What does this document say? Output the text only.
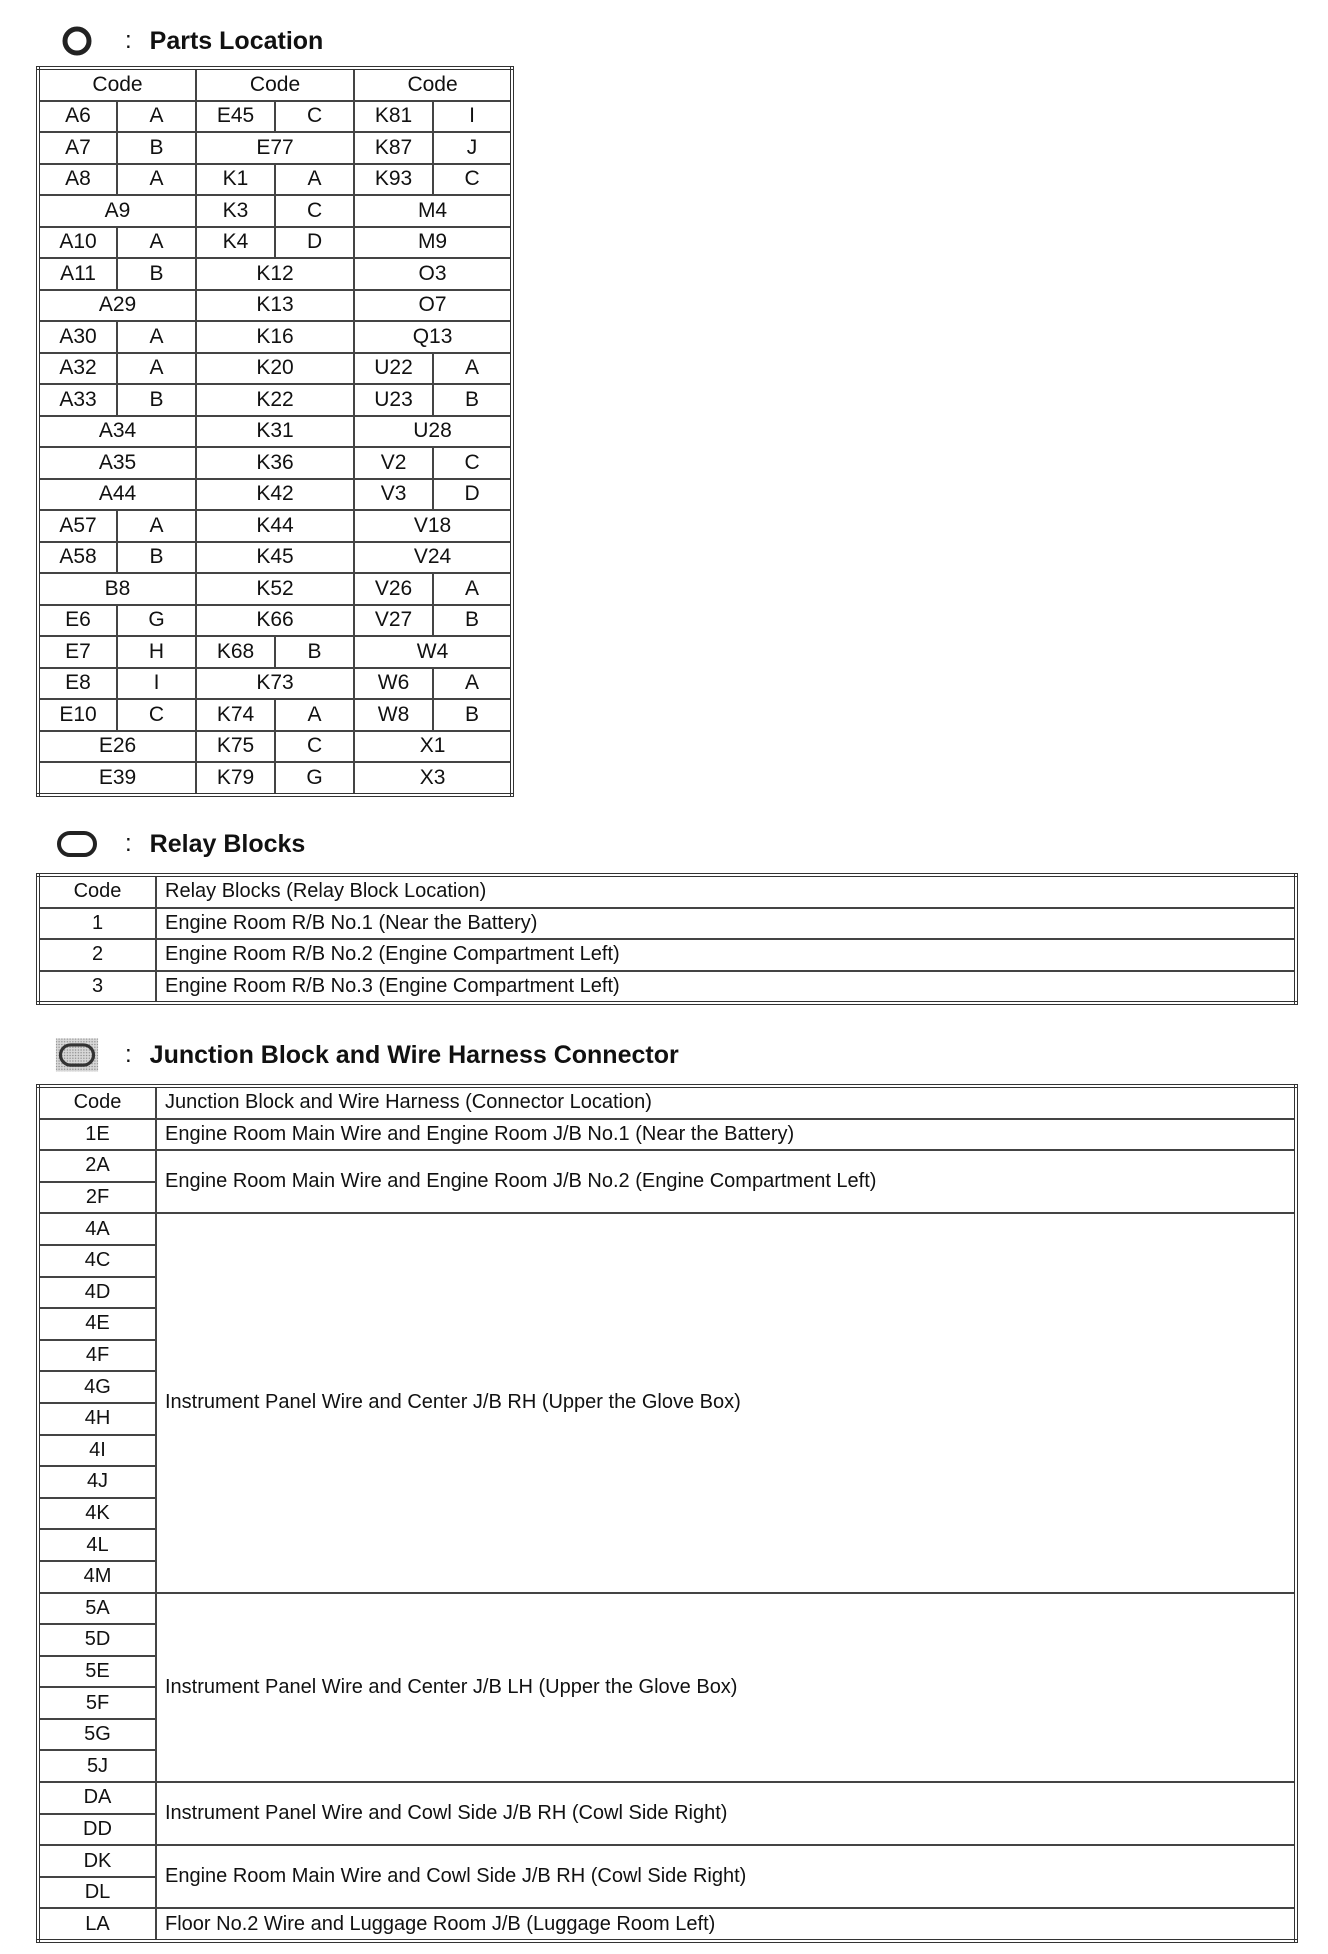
: Parts Location
Code		Code		Code	
A6	A	E45	C	K81	I
A7	B	E77		K87	J
A8	A	K1	A	K93	C
A9		K3	C	M4	
A10	A	K4	D	M9	
A11	B	K12		O3	
A29		K13		O7	
A30	A	K16		Q13	
A32	A	K20		U22	A
A33	B	K22		U23	B
A34		K31		U28	
A35		K36		V2	C
A44		K42		V3	D
A57	A	K44		V18	
A58	B	K45		V24	
B8		K52		V26	A
E6	G	K66		V27	B
E7	H	K68	B	W4	
E8	I	K73		W6	A
E10	C	K74	A	W8	B
E26		K75	C	X1	
E39		K79	G	X3	
: Relay Blocks
Code	Relay Blocks (Relay Block Location)
1	Engine Room R/B No.1 (Near the Battery)
2	Engine Room R/B No.2 (Engine Compartment Left)
3	Engine Room R/B No.3 (Engine Compartment Left)
: Junction Block and Wire Harness Connector
Code	Junction Block and Wire Harness (Connector Location)
1E	Engine Room Main Wire and Engine Room J/B No.1 (Near the Battery)
2A	Engine Room Main Wire and Engine Room J/B No.2 (Engine Compartment Left)
2F	
4A	Instrument Panel Wire and Center J/B RH (Upper the Glove Box)
4C	
4D	
4E	
4F	
4G	
4H	
4I	
4J	
4K	
4L	
4M	
5A	Instrument Panel Wire and Center J/B LH (Upper the Glove Box)
5D	
5E	
5F	
5G	
5J	
DA	Instrument Panel Wire and Cowl Side J/B RH (Cowl Side Right)
DD	
DK	Engine Room Main Wire and Cowl Side J/B RH (Cowl Side Right)
DL	
LA	Floor No.2 Wire and Luggage Room J/B (Luggage Room Left)
